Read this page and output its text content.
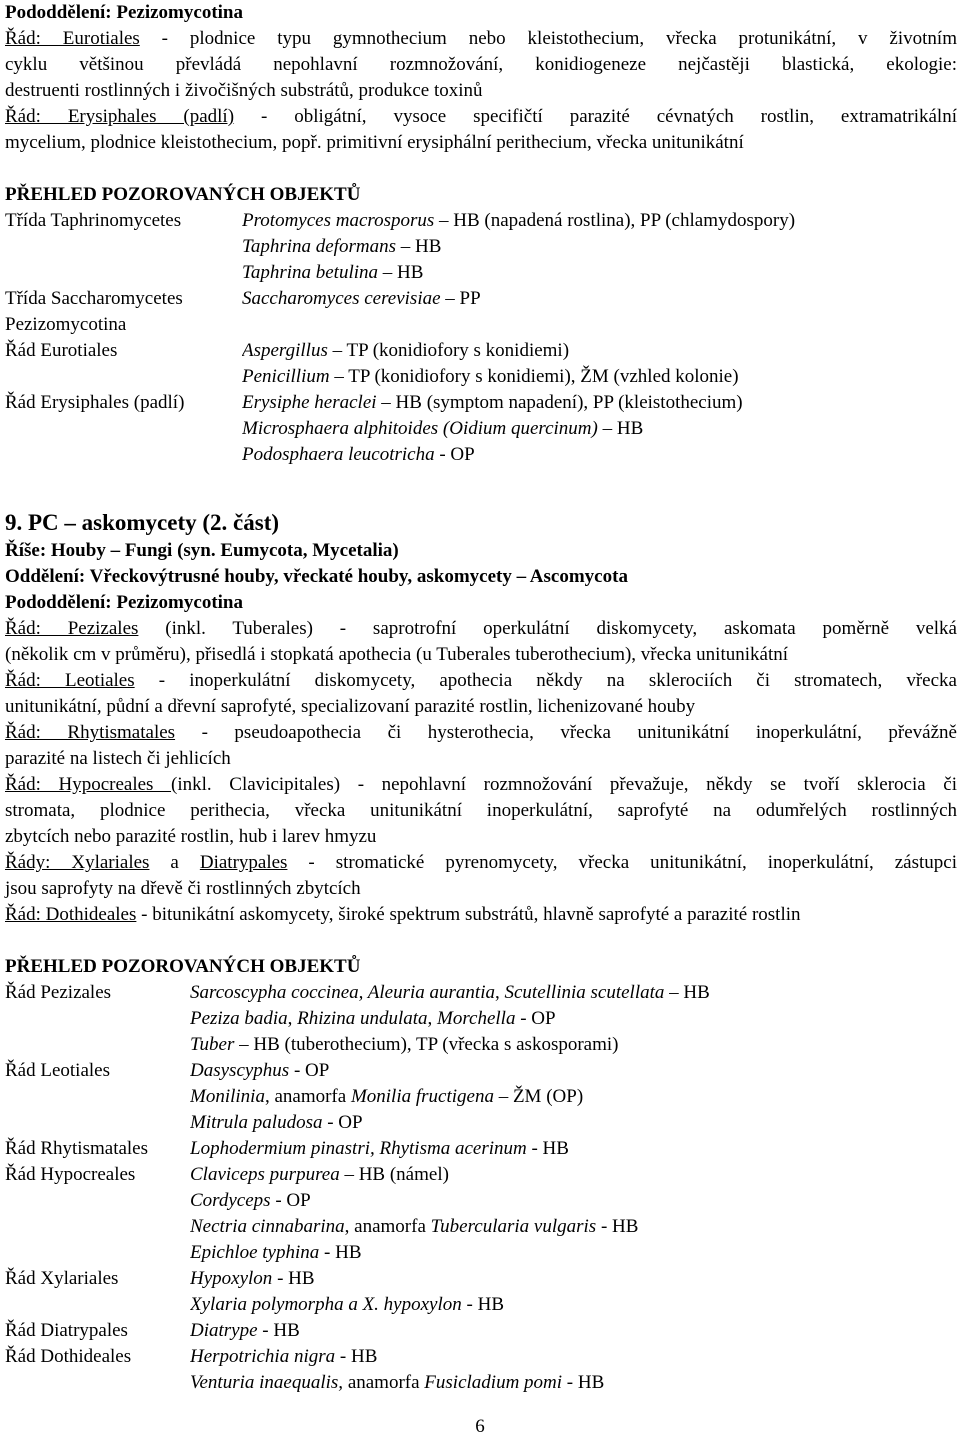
Pododdělení: Pezizomycotina
Řád: Eurotiales - plodnice typu gymnothecium nebo kleistothecium, vřecka protunikátní, v životním
cyklu většinou převládá nepohlavní rozmnožování, konidiogeneze nejčastěji blastická, ekologie:
destruenti rostlinných i živočišných substrátů, produkce toxinů
Řád: Erysiphales (padlí) - obligátní, vysoce specifičtí parazité cévnatých rostlin, extramatrikální
mycelium, plodnice kleistothecium, popř. primitivní erysiphální perithecium, vřecka unitunikátní
PŘEHLED POZOROVANÝCH OBJEKTŮ
Třída Taphrinomycetes	Protomyces macrosporus – HB (napadená rostlina), PP (chlamydospory)
Taphrina deformans – HB
Taphrina betulina – HB
Třída Saccharomycetes	Saccharomyces cerevisiae – PP
Pezizomycotina
Řád Eurotiales	Aspergillus – TP (konidiofory s konidiemi)
Penicillium – TP (konidiofory s konidiemi), ŽM (vzhled kolonie)
Řád Erysiphales (padlí)	Erysiphe heraclei – HB (symptom napadení), PP (kleistothecium)
Microsphaera alphitoides (Oidium quercinum) – HB
Podosphaera leucotricha - OP
9. PC – askomycety (2. část)
Říše: Houby – Fungi (syn. Eumycota, Mycetalia)
Oddělení: Vřeckovýtrusné houby, vřeckaté houby, askomycety – Ascomycota
Pododdělení: Pezizomycotina
Řád: Pezizales (inkl. Tuberales) - saprotrofní operkulátní diskomycety, askomata poměrně velká
(několik cm v průměru), přisedlá i stopkatá apothecia (u Tuberales tuberothecium), vřecka unitunikátní
Řád: Leotiales - inoperkulátní diskomycety, apothecia někdy na sklerociích či stromatech, vřecka
unitunikátní, půdní a dřevní saprofyté, specializovaní parazité rostlin, lichenizované houby
Řád: Rhytismatales - pseudoapothecia či hysterothecia, vřecka unitunikátní inoperkulátní, převážně
parazité na listech či jehlicích
Řád: Hypocreales (inkl. Clavicipitales) - nepohlavní rozmnožování převažuje, někdy se tvoří sklerocia či
stromata, plodnice perithecia, vřecka unitunikátní inoperkulátní, saprofyté na odumřelých rostlinných
zbytcích nebo parazité rostlin, hub i larev hmyzu
Řády: Xylariales a Diatrypales - stromatické pyrenomycety, vřecka unitunikátní, inoperkulátní, zástupci
jsou saprofyty na dřevě či rostlinných zbytcích
Řád: Dothideales - bitunikátní askomycety, široké spektrum substrátů, hlavně saprofyté a parazité rostlin
PŘEHLED POZOROVANÝCH OBJEKTŮ
Řád Pezizales	Sarcoscypha coccinea, Aleuria aurantia, Scutellinia scutellata – HB
Peziza badia, Rhizina undulata, Morchella - OP
Tuber – HB (tuberothecium), TP (vřecka s askosporami)
Řád Leotiales	Dasyscyphus - OP
Monilinia, anamorfa Monilia fructigena – ŽM (OP)
Mitrula paludosa - OP
Řád Rhytismatales	Lophodermium pinastri, Rhytisma acerinum - HB
Řád Hypocreales	Claviceps purpurea – HB (námel)
Cordyceps - OP
Nectria cinnabarina, anamorfa Tubercularia vulgaris - HB
Epichloe typhina - HB
Řád Xylariales	Hypoxylon - HB
Xylaria polymorpha a X. hypoxylon - HB
Řád Diatrypales	Diatrype - HB
Řád Dothideales	Herpotrichia nigra - HB
Venturia inaequalis, anamorfa Fusicladium pomi - HB
6
